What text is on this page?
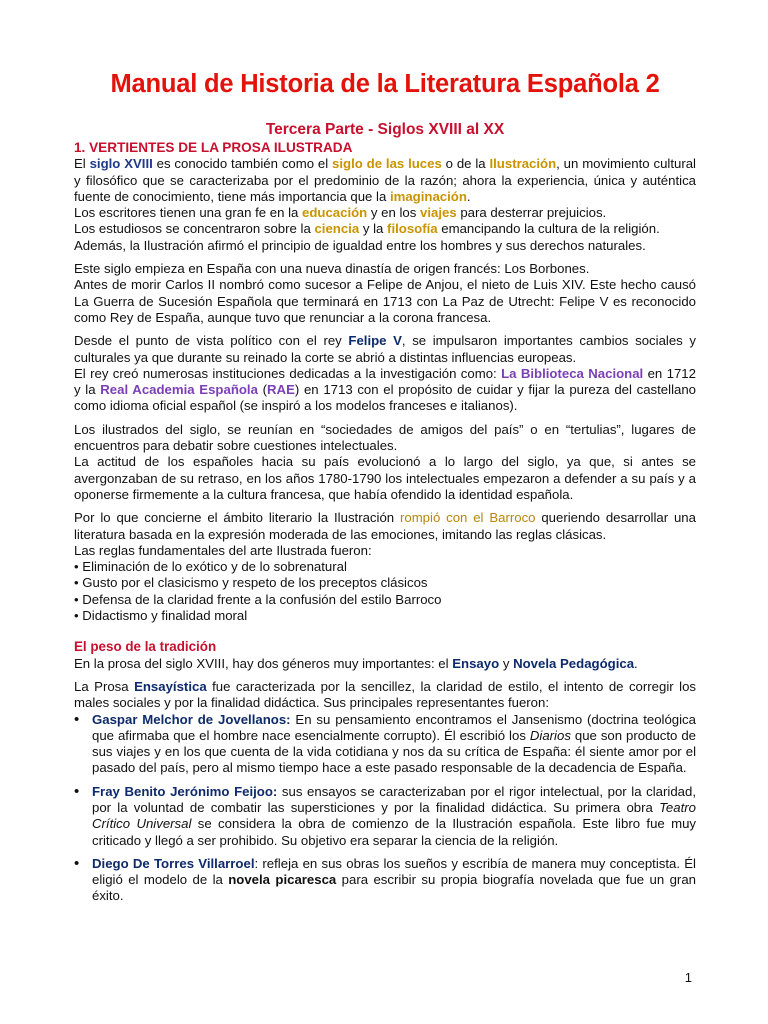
Manual de Historia de la Literatura Española 2
Tercera Parte - Siglos XVIII al XX
1. VERTIENTES DE LA PROSA ILUSTRADA

El siglo XVIII es conocido también como el siglo de las luces o de la Ilustración, un movimiento cultural y filosófico que se caracterizaba por el predominio de la razón; ahora la experiencia, única y auténtica fuente de conocimiento, tiene más importancia que la imaginación.

Los escritores tienen una gran fe en la educación y en los viajes para desterrar prejuicios.

Los estudiosos se concentraron sobre la ciencia y la filosofía emancipando la cultura de la religión.

Además, la Ilustración afirmó el principio de igualdad entre los hombres y sus derechos naturales.

Este siglo empieza en España con una nueva dinastía de origen francés: Los Borbones.

Antes de morir Carlos II nombró como sucesor a Felipe de Anjou, el nieto de Luis XIV. Este hecho causó La Guerra de Sucesión Española que terminará en 1713 con La Paz de Utrecht: Felipe V es reconocido como Rey de España, aunque tuvo que renunciar a la corona francesa.

Desde el punto de vista político con el rey Felipe V, se impulsaron importantes cambios sociales y culturales ya que durante su reinado la corte se abrió a distintas influencias europeas.

El rey creó numerosas instituciones dedicadas a la investigación como: La Biblioteca Nacional en 1712 y la Real Academia Española (RAE) en 1713 con el propósito de cuidar y fijar la pureza del castellano como idioma oficial español (se inspiró a los modelos franceses e italianos).

Los ilustrados del siglo, se reunían en “sociedades de amigos del país” o en “tertulias”, lugares de encuentros para debatir sobre cuestiones intelectuales.

La actitud de los españoles hacia su país evolucionó a lo largo del siglo, ya que, si antes se avergonzaban de su retraso, en los años 1780-1790 los intelectuales empezaron a defender a su país y a oponerse firmemente a la cultura francesa, que había ofendido la identidad española.

Por lo que concierne el ámbito literario la Ilustración rompió con el Barroco queriendo desarrollar una literatura basada en la expresión moderada de las emociones, imitando las reglas clásicas.

Las reglas fundamentales del arte Ilustrada fueron:

• Eliminación de lo exótico y de lo sobrenatural
• Gusto por el clasicismo y respeto de los preceptos clásicos
• Defensa de la claridad frente a la confusión del estilo Barroco
• Didactismo y finalidad moral
El peso de la tradición

En la prosa del siglo XVIII, hay dos géneros muy importantes: el Ensayo y Novela Pedagógica.

La Prosa Ensayística fue caracterizada por la sencillez, la claridad de estilo, el intento de corregir los males sociales y por la finalidad didáctica. Sus principales representantes fueron:

• Gaspar Melchor de Jovellanos: En su pensamiento encontramos el Jansenismo (doctrina teológica que afirmaba que el hombre nace esencialmente corrupto). Él escribió los Diarios que son producto de sus viajes y en los que cuenta de la vida cotidiana y nos da su crítica de España: él siente amor por el pasado del país, pero al mismo tiempo hace a este pasado responsable de la decadencia de España.
• Fray Benito Jerónimo Feijoo: sus ensayos se caracterizaban por el rigor intelectual, por la claridad, por la voluntad de combatir las supersticiones y por la finalidad didáctica. Su primera obra Teatro Crítico Universal se considera la obra de comienzo de la Ilustración española. Este libro fue muy criticado y llegó a ser prohibido. Su objetivo era separar la ciencia de la religión.
• Diego De Torres Villarroel: refleja en sus obras los sueños y escribía de manera muy conceptista. Él eligió el modelo de la novela picaresca para escribir su propia biografía novelada que fue un gran éxito.
1
